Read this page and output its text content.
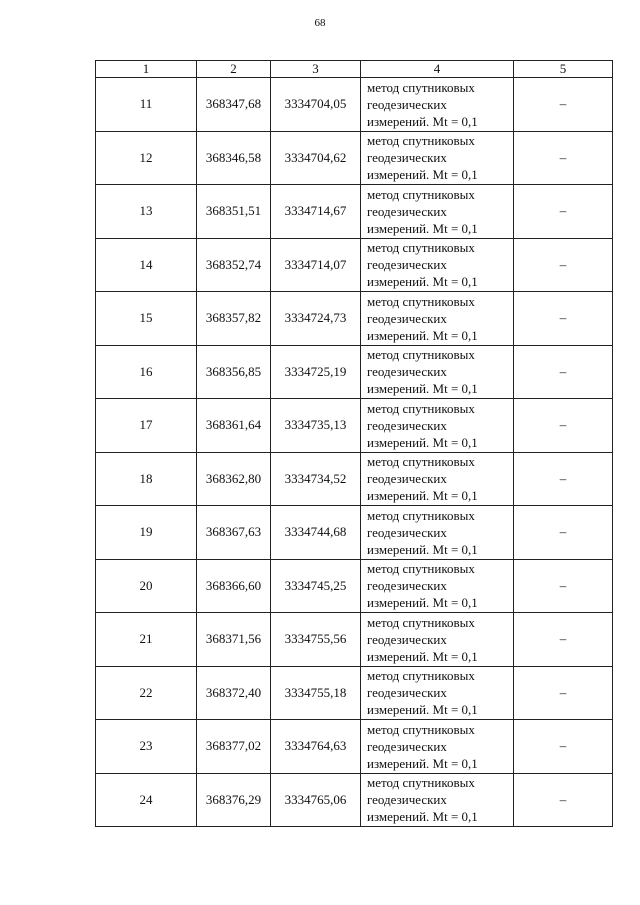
68
1	2	3	4	5
11	368347,68	3334704,05	метод спутниковых
геодезических
измерений. Mt = 0,1	–
12	368346,58	3334704,62	метод спутниковых
геодезических
измерений. Mt = 0,1	–
13	368351,51	3334714,67	метод спутниковых
геодезических
измерений. Mt = 0,1	–
14	368352,74	3334714,07	метод спутниковых
геодезических
измерений. Mt = 0,1	–
15	368357,82	3334724,73	метод спутниковых
геодезических
измерений. Mt = 0,1	–
16	368356,85	3334725,19	метод спутниковых
геодезических
измерений. Mt = 0,1	–
17	368361,64	3334735,13	метод спутниковых
геодезических
измерений. Mt = 0,1	–
18	368362,80	3334734,52	метод спутниковых
геодезических
измерений. Mt = 0,1	–
19	368367,63	3334744,68	метод спутниковых
геодезических
измерений. Mt = 0,1	–
20	368366,60	3334745,25	метод спутниковых
геодезических
измерений. Mt = 0,1	–
21	368371,56	3334755,56	метод спутниковых
геодезических
измерений. Mt = 0,1	–
22	368372,40	3334755,18	метод спутниковых
геодезических
измерений. Mt = 0,1	–
23	368377,02	3334764,63	метод спутниковых
геодезических
измерений. Mt = 0,1	–
24	368376,29	3334765,06	метод спутниковых
геодезических
измерений. Mt = 0,1	–
